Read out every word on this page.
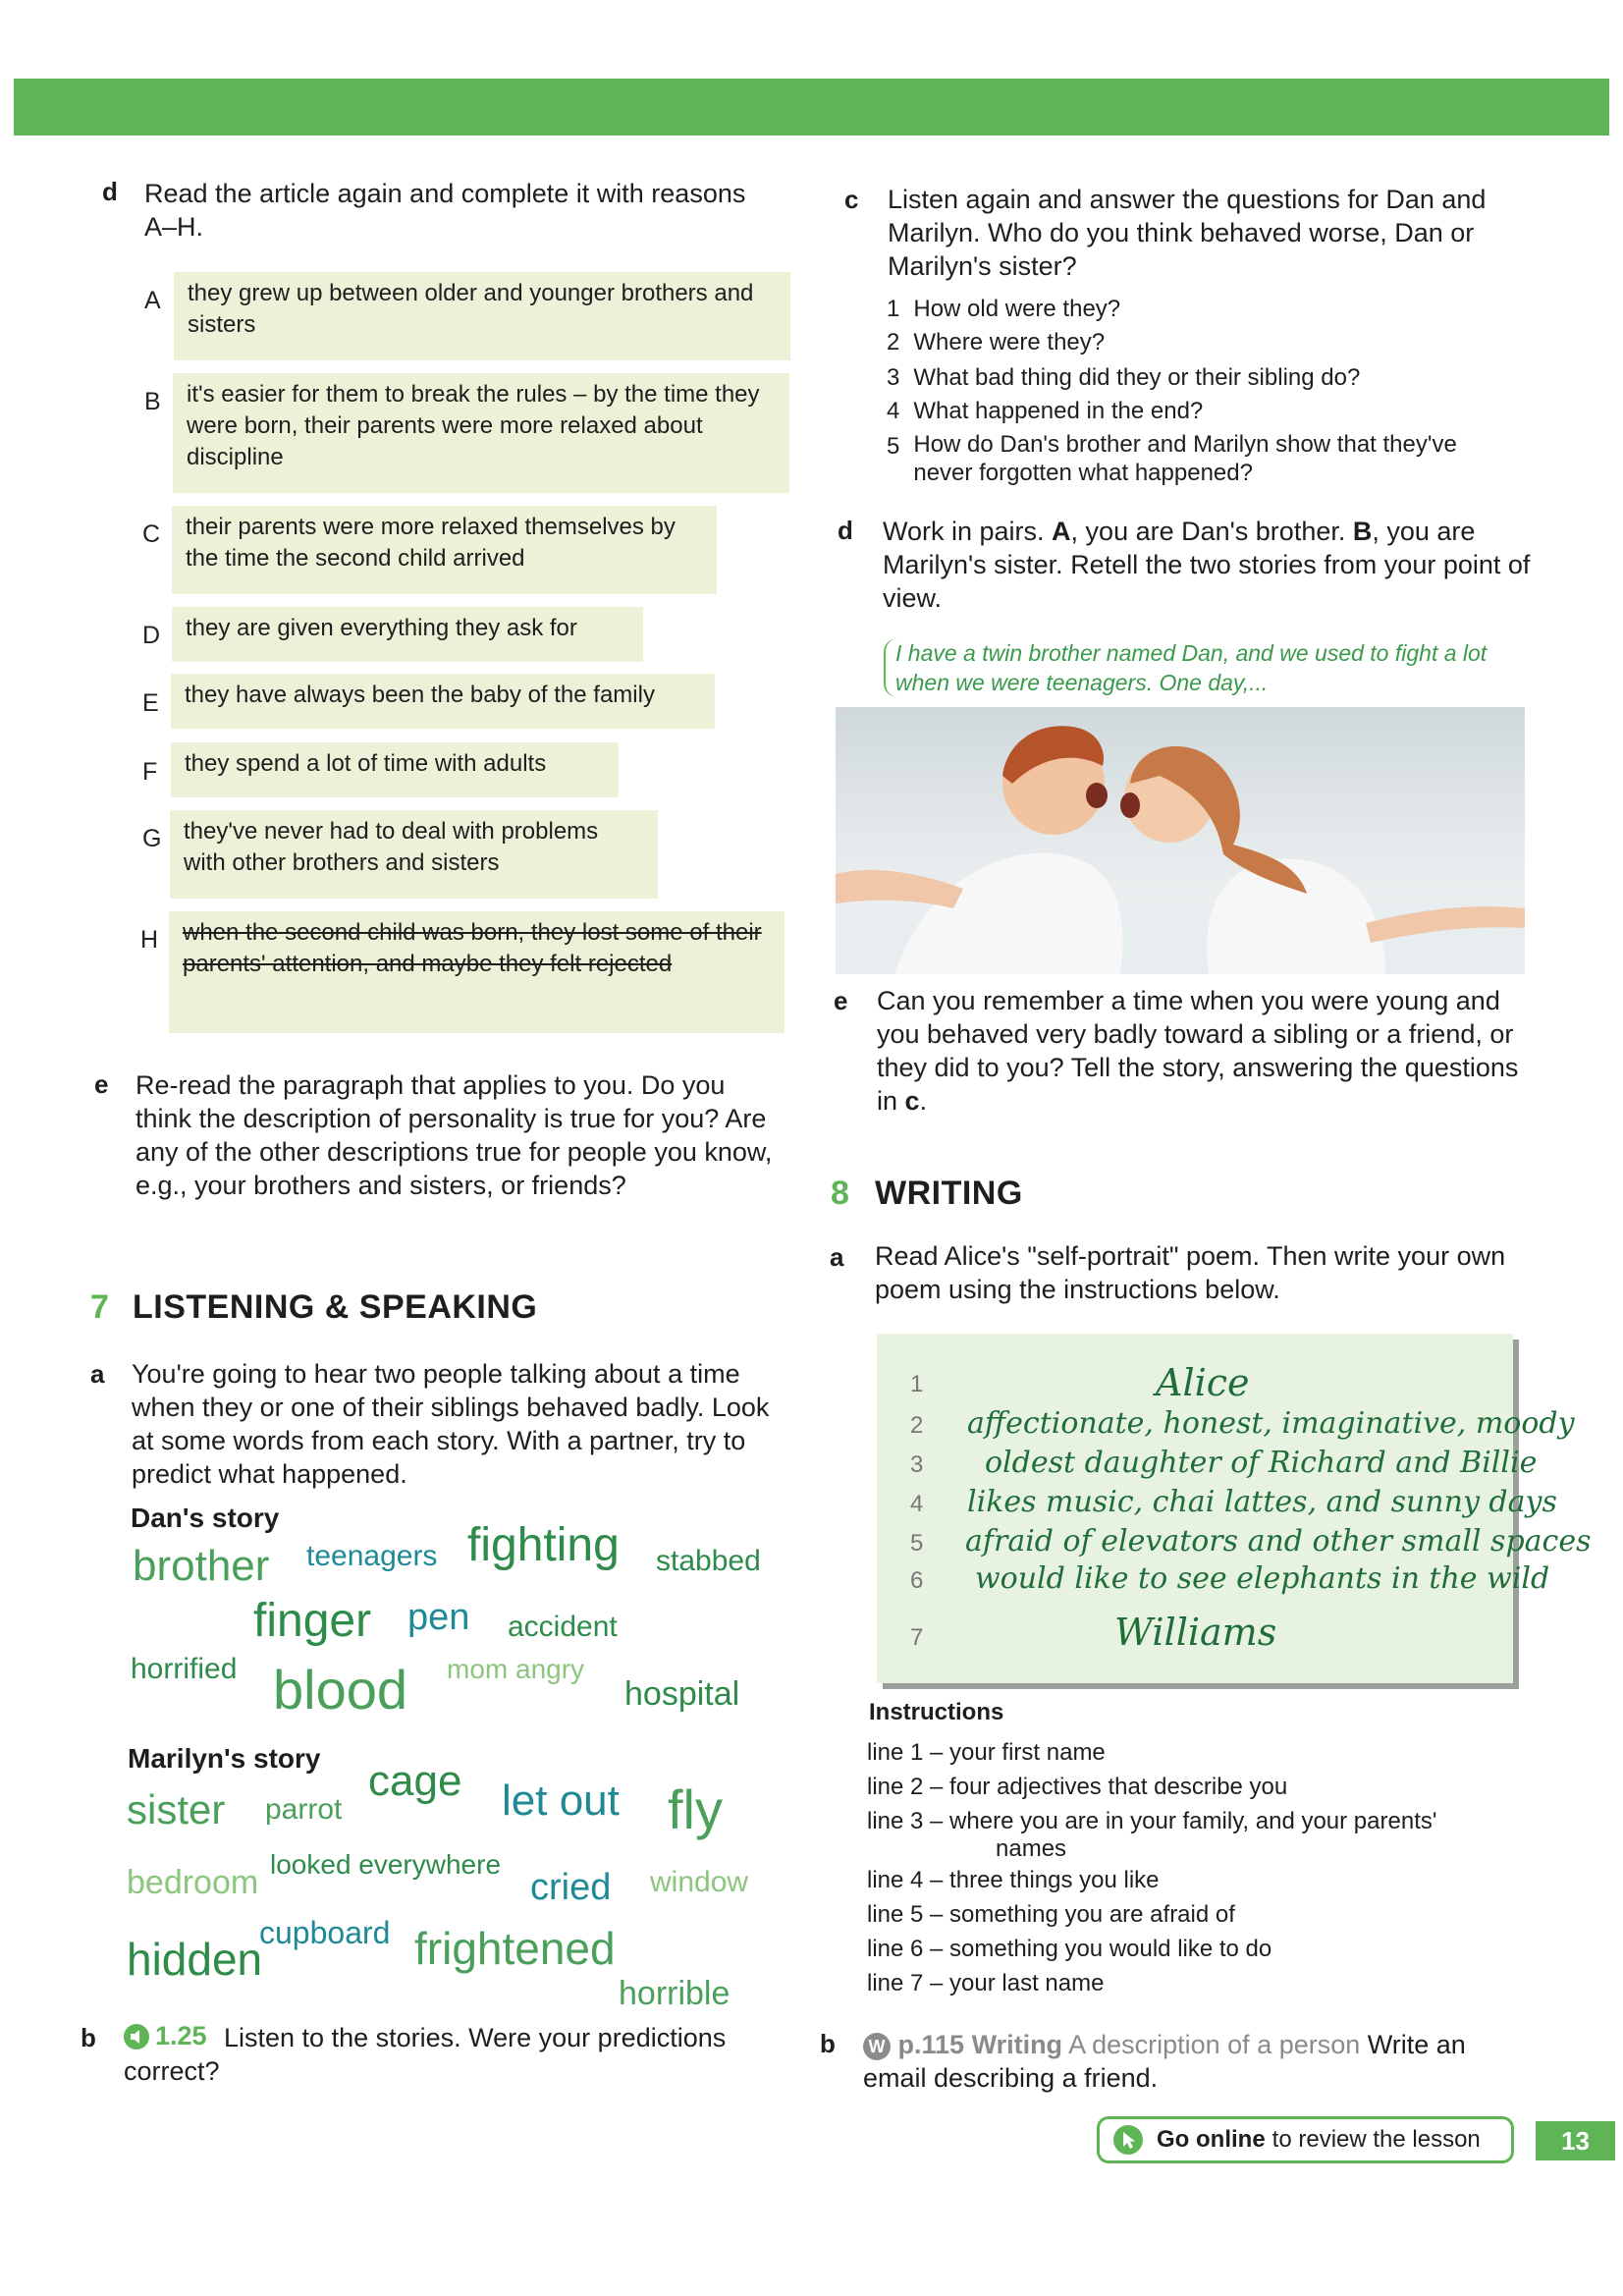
d Read the article again and complete it with reasons A–H.
A	they grew up between older and younger brothers and sisters
B	it's easier for them to break the rules – by the time they were born, their parents were more relaxed about discipline
C	their parents were more relaxed themselves by the time the second child arrived
D	they are given everything they ask for
E	they have always been the baby of the family
F	they spend a lot of time with adults
G they've never had to deal with problems with other brothers and sisters
H	when the second child was born, they lost some of their parents' attention, and maybe they felt rejected
e Re-read the paragraph that applies to you. Do you think the description of personality is true for you? Are any of the other descriptions true for people you know, e.g., your brothers and sisters, or friends?
7 LISTENING & SPEAKING
a You're going to hear two people talking about a time when they or one of their siblings behaved badly. Look at some words from each story. With a partner, try to predict what happened.
Dan's story
brother teenagers fighting stabbed
finger pen accident
horrified blood mom angry
hospital
Marilyn's story
sister parrot
cage let out fly
bedroom looked everywhere
cried window
hidden
cupboard frightened
horrible
b 1.25 Listen to the stories. Were your predictions correct?
c Listen again and answer the questions for Dan and Marilyn. Who do you think behaved worse, Dan or Marilyn's sister?
1 How old were they?
2 Where were they?
3 What bad thing did they or their sibling do?
4 What happened in the end?
5 How do Dan's brother and Marilyn show that they've never forgotten what happened?
d Work in pairs. A, you are Dan's brother. B, you are Marilyn's sister. Retell the two stories from your point of view.
I have a twin brother named Dan, and we used to fight a lot when we were teenagers. One day,...
e Can you remember a time when you were young and you behaved very badly toward a sibling or a friend, or they did to you? Tell the story, answering the questions in c.
8 WRITING
a Read Alice's "self-portrait" poem. Then write your own poem using the instructions below.
1	Alice
2 affectionate, honest, imaginative, moody
3 oldest daughter of Richard and Billie
4 likes music, chai lattes, and sunny days
5 afraid of elevators and other small spaces
6 would like to see elephants in the wild
7	Williams
Instructions
line 1 – your first name
line 2 – four adjectives that describe you
line 3 – where you are in your family, and your parents'
names
line 4 – three things you like
line 5 – something you are afraid of
line 6 – something you would like to do
line 7 – your last name
b	W p.115 Writing A description of a person Write an email describing a friend.
Go online to review the lesson	13
